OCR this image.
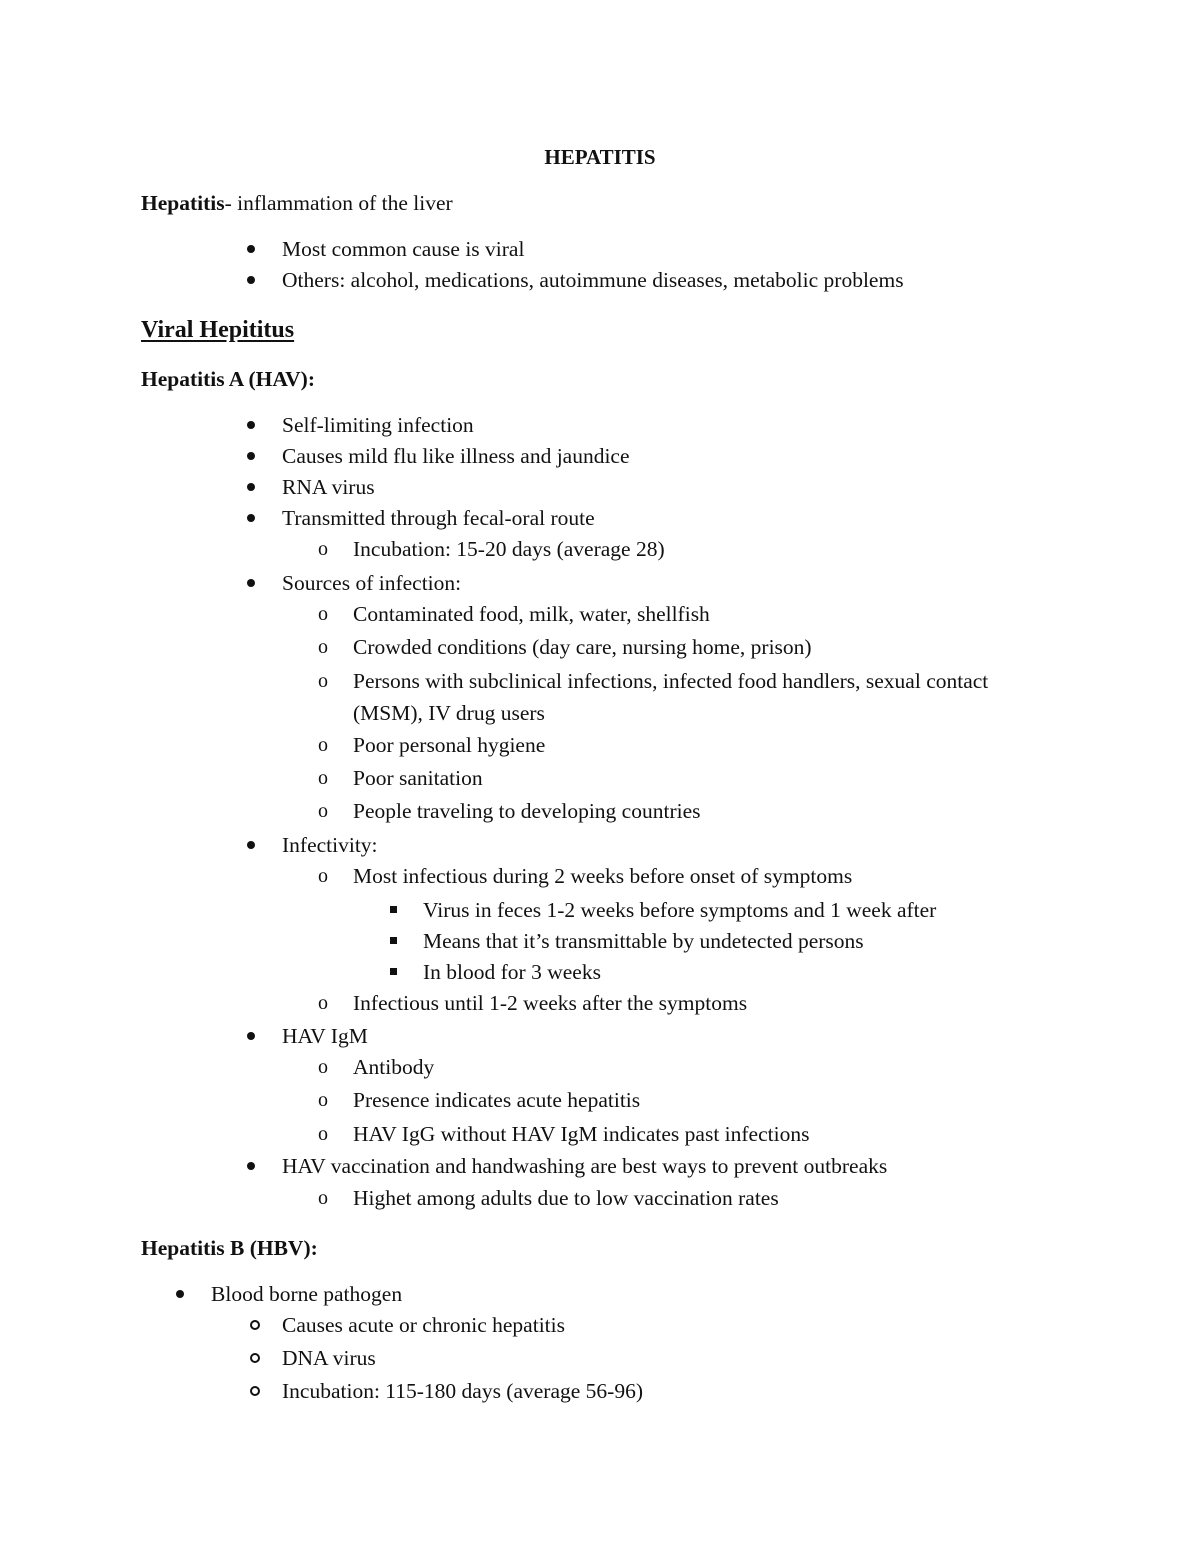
HEPATITIS
Hepatitis- inflammation of the liver
Most common cause is viral
Others: alcohol, medications, autoimmune diseases, metabolic problems
Viral Hepititus
Hepatitis A (HAV):
Self-limiting infection
Causes mild flu like illness and jaundice
RNA virus
Transmitted through fecal-oral route
o Incubation: 15-20 days (average 28)
Sources of infection:
o Contaminated food, milk, water, shellfish
o Crowded conditions (day care, nursing home, prison)
o Persons with subclinical infections, infected food handlers, sexual contact
(MSM), IV drug users
o Poor personal hygiene
o Poor sanitation
o People traveling to developing countries
Infectivity:
o Most infectious during 2 weeks before onset of symptoms
Virus in feces 1-2 weeks before symptoms and 1 week after
Means that it’s transmittable by undetected persons
In blood for 3 weeks
o Infectious until 1-2 weeks after the symptoms
HAV IgM
o Antibody
o Presence indicates acute hepatitis
o HAV IgG without HAV IgM indicates past infections
HAV vaccination and handwashing are best ways to prevent outbreaks
o Highet among adults due to low vaccination rates
Hepatitis B (HBV):
Blood borne pathogen
Causes acute or chronic hepatitis
DNA virus
Incubation: 115-180 days (average 56-96)
